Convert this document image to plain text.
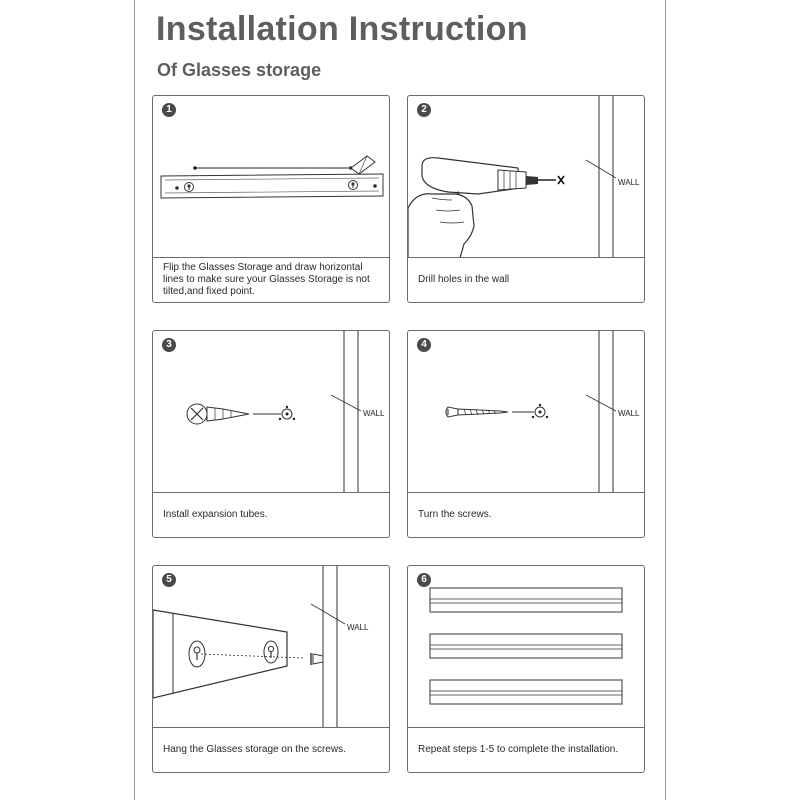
Installation Instruction
Of Glasses storage
1
Flip the Glasses Storage and draw horizontal lines to make sure your Glasses Storage is not tilted,and fixed point.
WALL
2
Drill holes in the wall
WALL
3
Install expansion tubes.
WALL
4
Turn the screws.
WALL
5
Hang the Glasses storage on the screws.
6
Repeat steps 1-5 to complete the installation.
